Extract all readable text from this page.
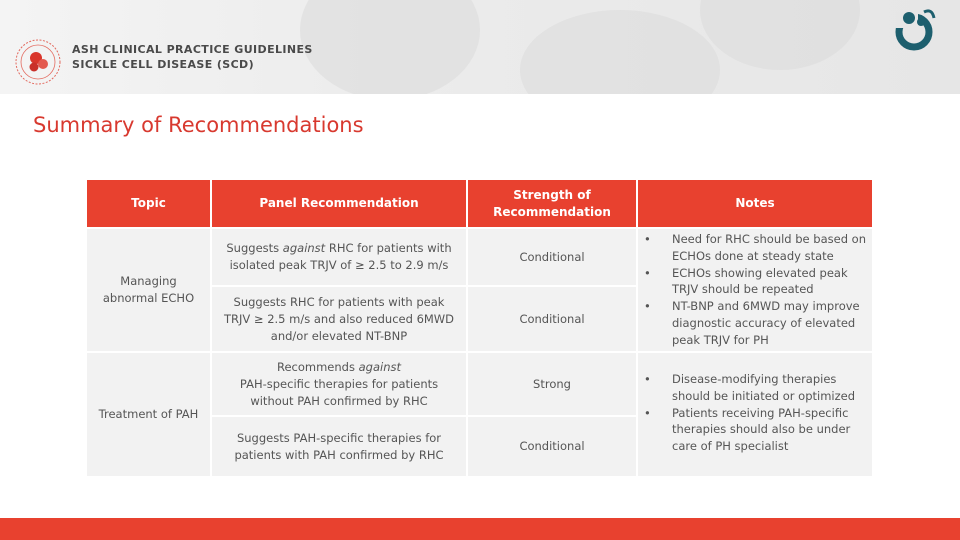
ASH CLINICAL PRACTICE GUIDELINES
SICKLE CELL DISEASE (SCD)
Summary of Recommendations
Topic	Panel Recommendation
Strength of Recommendation
Notes
Managing abnormal ECHO
Treatment of PAH
Suggests against RHC for patients with isolated peak TRJV of ≥ 2.5 to 2.9 m/s
Suggests RHC for patients with peak TRJV ≥ 2.5 m/s and also reduced 6MWD and/or elevated NT-BNP
Recommends against
PAH-specific therapies for patients without PAH confirmed by RHC
Suggests PAH-specific therapies for patients with PAH confirmed by RHC
Conditional
Conditional
Strong
Conditional
• Need for RHC should be based on ECHOs done at steady state
• ECHOs showing elevated peak TRJV should be repeated
• NT-BNP and 6MWD may improve diagnostic accuracy of elevated peak TRJV for PH
• Disease-modifying therapies should be initiated or optimized
• Patients receiving PAH-specific therapies should also be under care of PH specialist
